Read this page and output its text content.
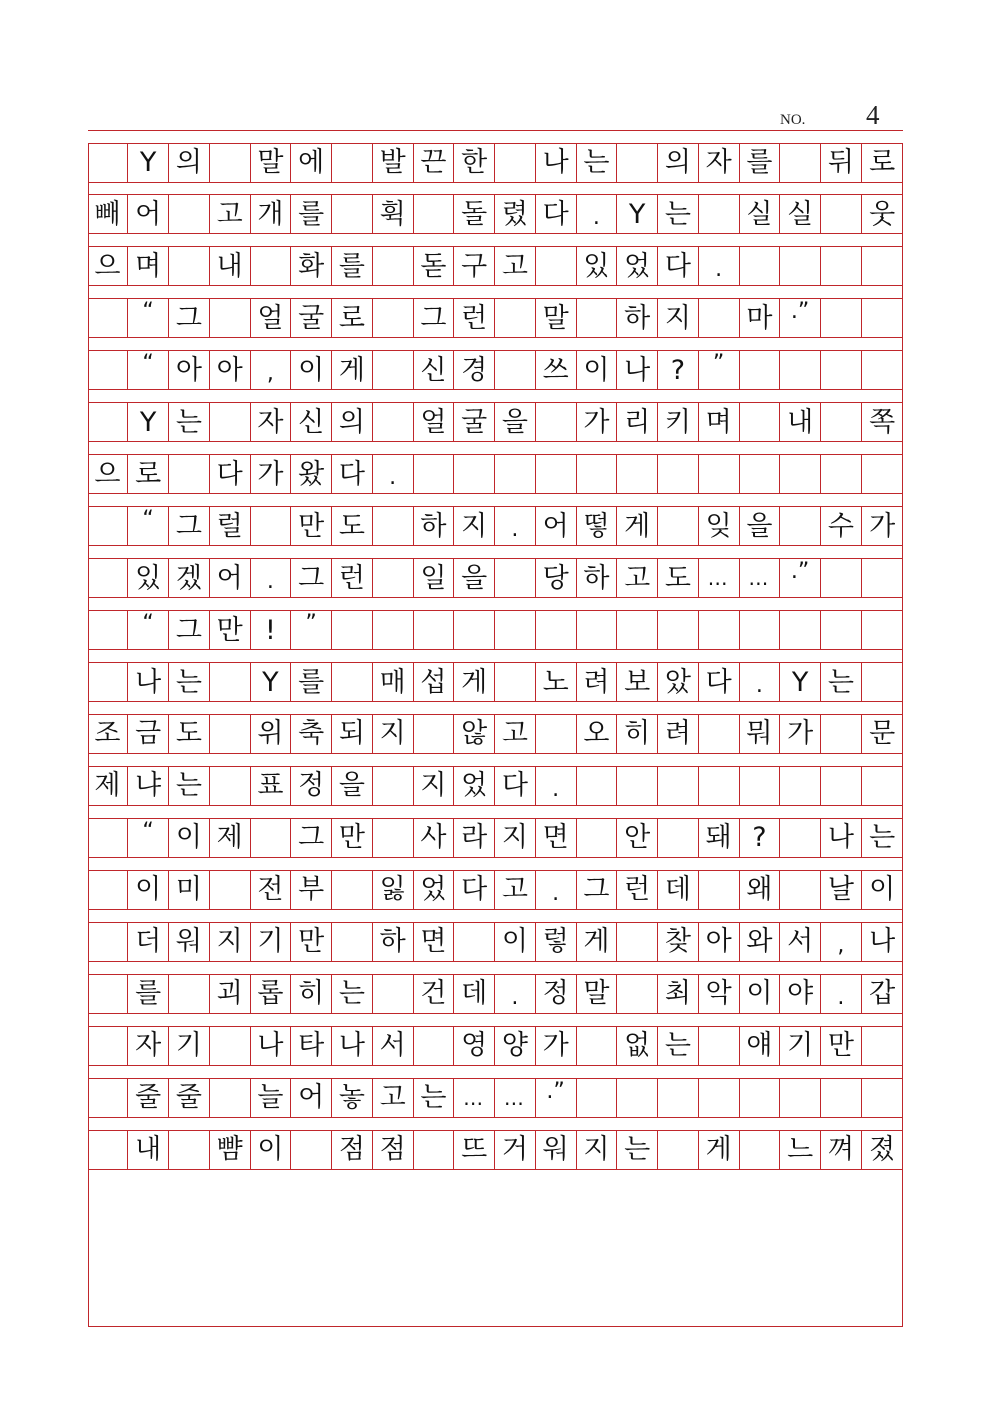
NO. 4
Y 의 말 에 발 끈 한 나 는 의 자 를 뒤 로
빼 어 고 개 를 휙 돌 렸 다	.	Y 는 실 실 웃
으 며 내 화 를 돋 구 고 있 었 다	.
“ 그 얼 굴 로 그 런 말 하 지 마 .”
“ 아 아	, 이 게 신 경 쓰 이 나 ?	”
Y 는 자 신 의 얼 굴 을 가 리 키 며 내 쪽
으 로 다 가 왔 다	.
“ 그 럴 만 도 하 지	. 어 떻 게 잊 을 수 가
있 겠 어	. 그 런 일 을 당 하 고 도 … … .”
“ 그 만 !	”
나 는	Y 를 매 섭 게 노 려 보 았 다	.	Y 는
조 금 도 위 축 되 지 않 고 오 히 려 뭐 가 문
제 냐 는 표 정 을 지 었 다	.
“ 이 제 그 만 사 라 지 면 안 돼 ?	나 는
이 미 전 부 잃 었 다 고	. 그 런 데 왜 날 이
더 워 지 기 만 하 면 이 렇 게 찾 아 와 서	, 나
를 괴 롭 히 는 건 데	. 정 말 최 악 이 야	. 갑
자 기 나 타 나 서 영 양 가 없 는 얘 기 만
줄 줄 늘 어 놓 고 는 … … .”
내 뺨 이 점 점 뜨 거 워 지 는 게 느 껴 졌
